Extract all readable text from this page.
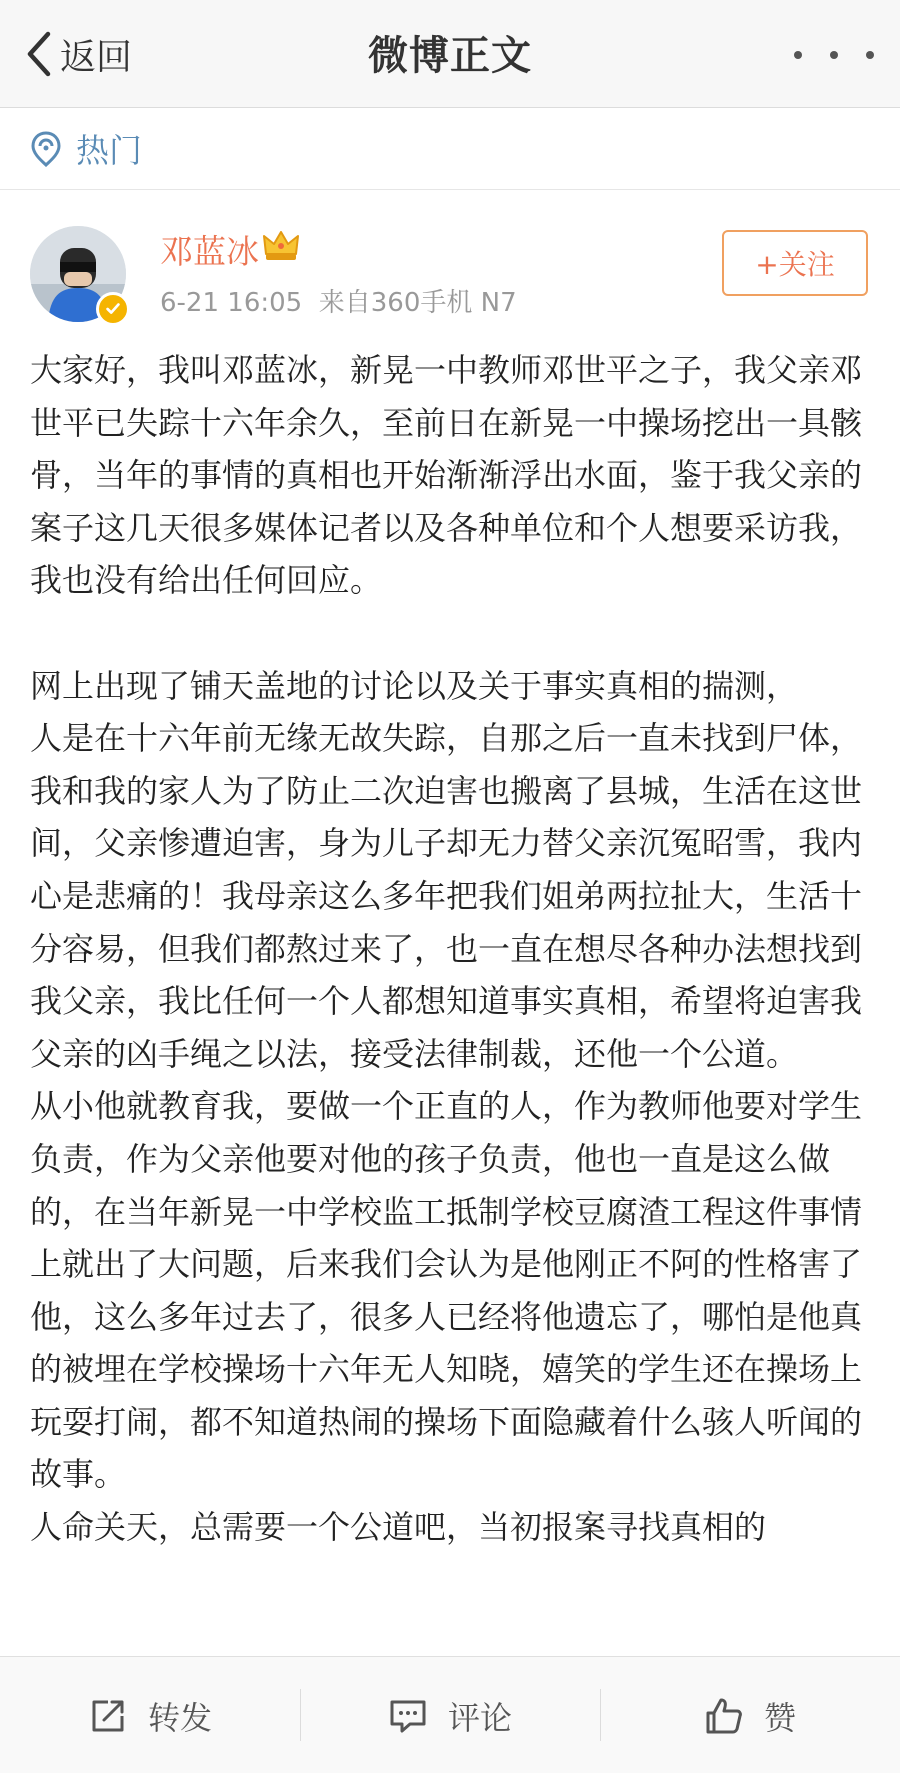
返回	微博正文
热门
邓蓝冰
6-21 16:05 来自360手机 N7
+关注

大家好，我叫邓蓝冰，新晃一中教师邓世平之子，我父亲邓世平已失踪十六年余久，至前日在新晃一中操场挖出一具骸骨，当年的事情的真相也开始渐渐浮出水面，鉴于我父亲的案子这几天很多媒体记者以及各种单位和个人想要采访我，我也没有给出任何回应。

网上出现了铺天盖地的讨论以及关于事实真相的揣测，

人是在十六年前无缘无故失踪，自那之后一直未找到尸体，我和我的家人为了防止二次迫害也搬离了县城，生活在这世间，父亲惨遭迫害，身为儿子却无力替父亲沉冤昭雪，我内心是悲痛的！我母亲这么多年把我们姐弟两拉扯大，生活十分容易，但我们都熬过来了，也一直在想尽各种办法想找到我父亲，我比任何一个人都想知道事实真相，希望将迫害我父亲的凶手绳之以法，接受法律制裁，还他一个公道。

从小他就教育我，要做一个正直的人，作为教师他要对学生负责，作为父亲他要对他的孩子负责，他也一直是这么做的，在当年新晃一中学校监工抵制学校豆腐渣工程这件事情上就出了大问题，后来我们会认为是他刚正不阿的性格害了他，这么多年过去了，很多人已经将他遗忘了，哪怕是他真的被埋在学校操场十六年无人知晓，嬉笑的学生还在操场上玩耍打闹，都不知道热闹的操场下面隐藏着什么骇人听闻的故事。

人命关天，总需要一个公道吧，当初报案寻找真相的

转发	评论	赞
